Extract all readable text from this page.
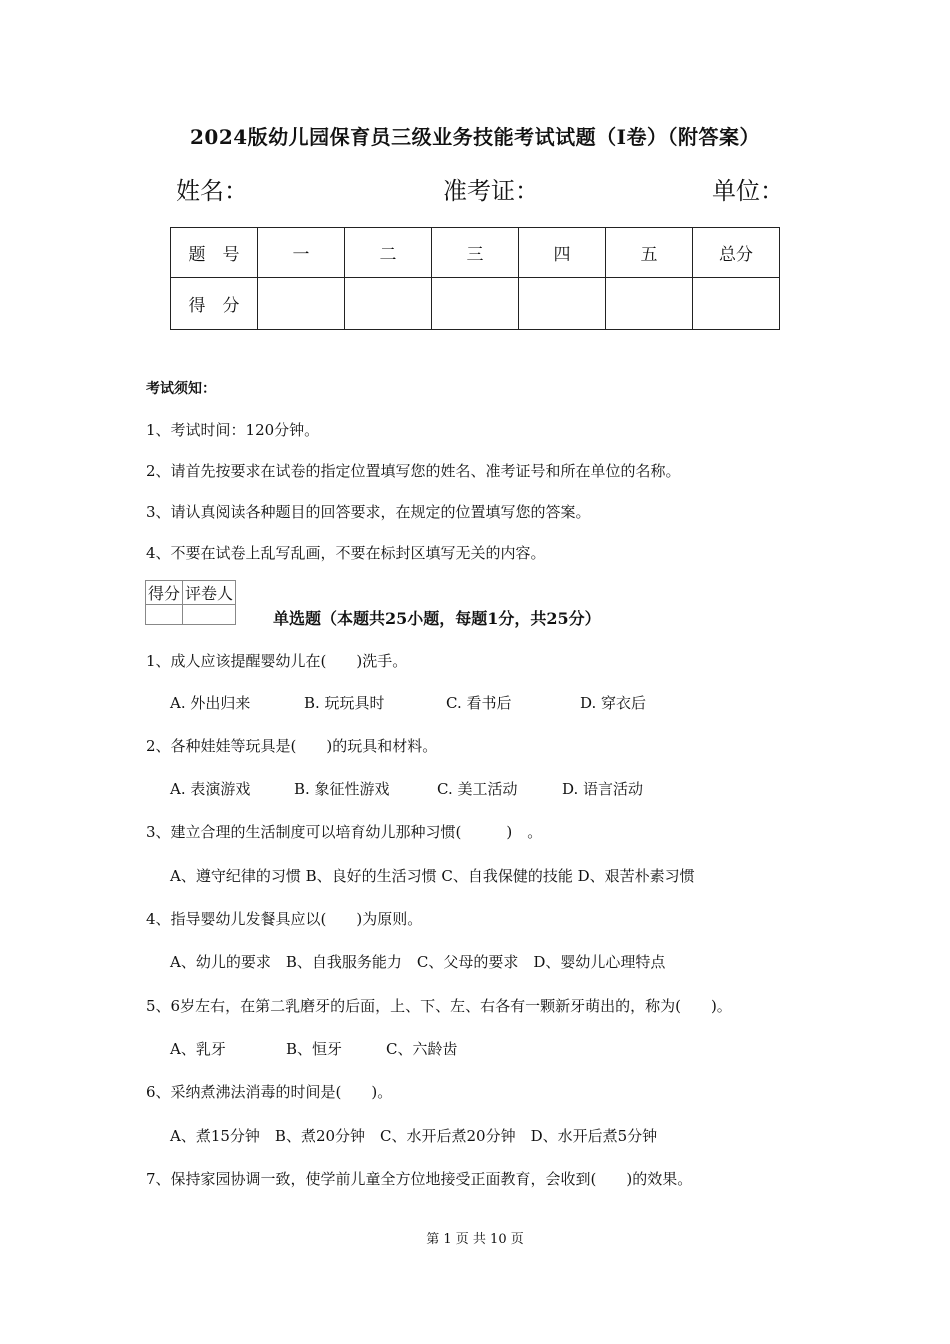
2024版幼儿园保育员三级业务技能考试试题（I卷）（附答案）
姓名：	准考证：	单位：
题　号	一	二	三	四	五	总分
得　分						
考试须知：
1、考试时间：120分钟。
2、请首先按要求在试卷的指定位置填写您的姓名、准考证号和所在单位的名称。
3、请认真阅读各种题目的回答要求，在规定的位置填写您的答案。
4、不要在试卷上乱写乱画，不要在标封区填写无关的内容。
得分	评卷人

单选题（本题共25小题，每题1分，共25分）
1、成人应该提醒婴幼儿在(　　)洗手。
A. 外出归来	B. 玩玩具时	C. 看书后	D. 穿衣后
2、各种娃娃等玩具是(　　)的玩具和材料。
A. 表演游戏	B. 象征性游戏	C. 美工活动	D. 语言活动
3、建立合理的生活制度可以培育幼儿那种习惯(　　　)　。
A、遵守纪律的习惯 B、良好的生活习惯 C、自我保健的技能 D、艰苦朴素习惯
4、指导婴幼儿发餐具应以(　　)为原则。
A、幼儿的要求　B、自我服务能力　C、父母的要求　D、婴幼儿心理特点
5、6岁左右，在第二乳磨牙的后面，上、下、左、右各有一颗新牙萌出的，称为(　　)。
A、乳牙	B、恒牙	C、六龄齿
6、采纳煮沸法消毒的时间是(　　)。
A、煮15分钟　B、煮20分钟　C、水开后煮20分钟　D、水开后煮5分钟
7、保持家园协调一致，使学前儿童全方位地接受正面教育，会收到(　　)的效果。
第 1 页 共 10 页
